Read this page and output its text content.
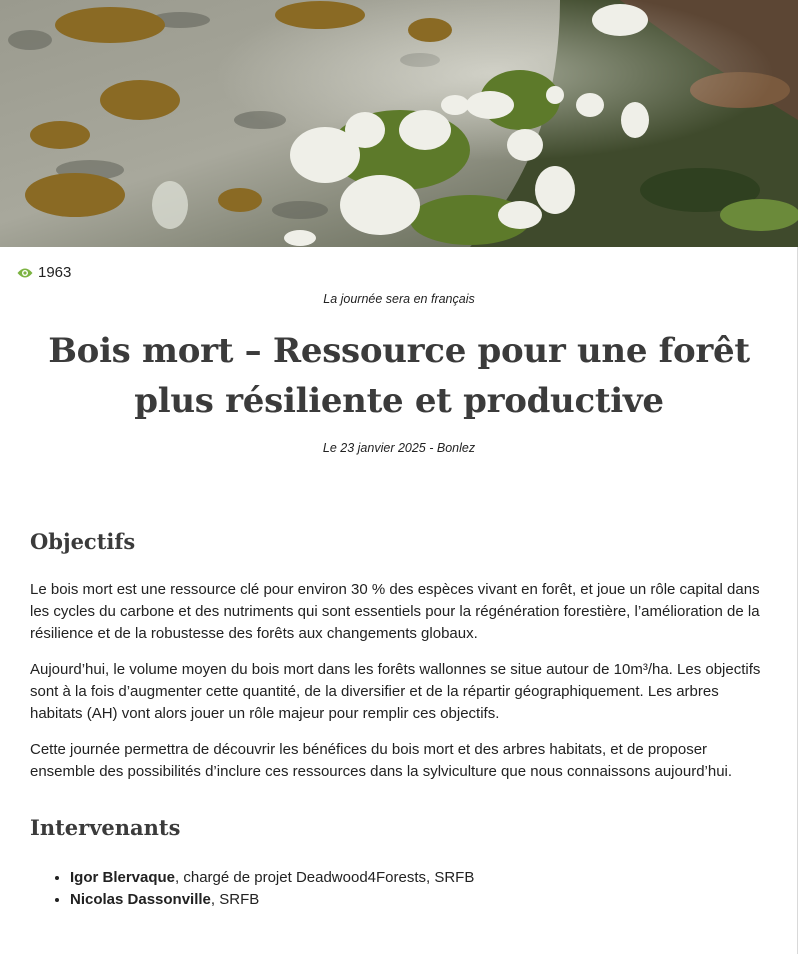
1963
La journée sera en français
Bois mort – Ressource pour une forêt plus résiliente et productive
Le 23 janvier 2025 - Bonlez
Objectifs

Le bois mort est une ressource clé pour environ 30 % des espèces vivant en forêt, et joue un rôle capital dans les cycles du carbone et des nutriments qui sont essentiels pour la régénération forestière, l’amélioration de la résilience et de la robustesse des forêts aux changements globaux.

Aujourd’hui, le volume moyen du bois mort dans les forêts wallonnes se situe autour de 10m³/ha. Les objectifs sont à la fois d’augmenter cette quantité, de la diversifier et de la répartir géographiquement. Les arbres habitats (AH) vont alors jouer un rôle majeur pour remplir ces objectifs.

Cette journée permettra de découvrir les bénéfices du bois mort et des arbres habitats, et de proposer ensemble des possibilités d’inclure ces ressources dans la sylviculture que nous connaissons aujourd’hui.

Intervenants
• Igor Blervaque, chargé de projet Deadwood4Forests, SRFB
• Nicolas Dassonville, SRFB
